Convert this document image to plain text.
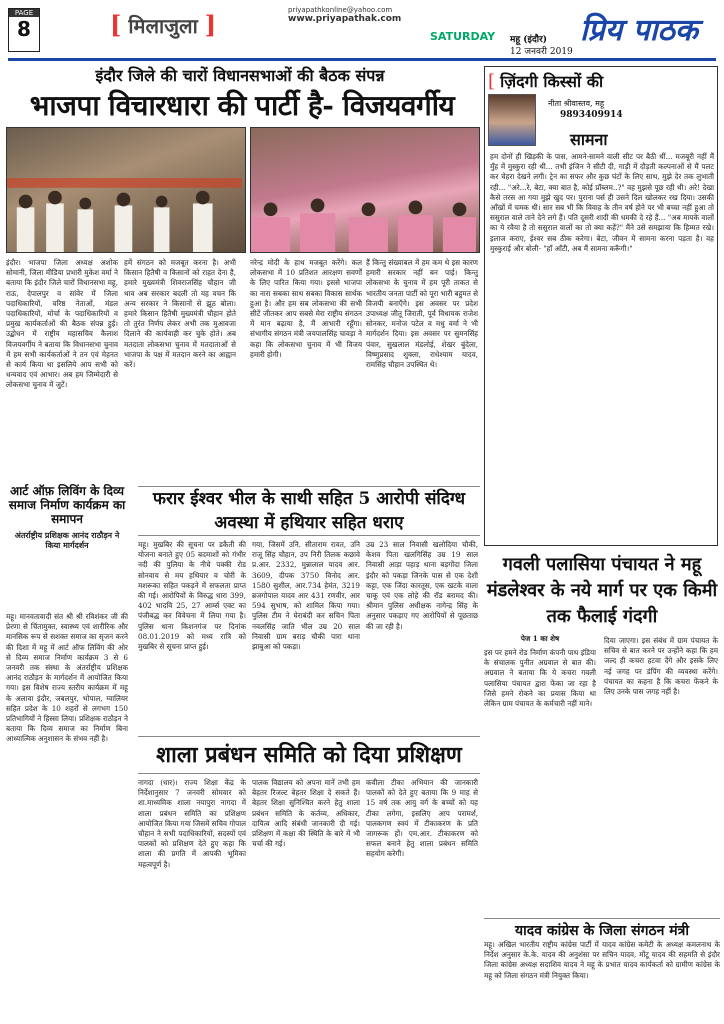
PAGE
8	[ मिलाजुला ]	priyapathkonline@yahoo.com
www.priyapathak.com
SATURDAY	महू (इंदौर)
12 जनवरी 2019
प्रिय पाठक
इंदौर जिले की चारों विधानसभाओं की बैठक संपन्न
भाजपा विचारधारा की पार्टी है- विजयवर्गीय
इंदौर। भाजपा जिला अध्यक्ष अशोक सोमानी, जिला मीडिया प्रभारी मुकेश वर्मा ने बताया कि इंदौर जिले चारों विधानसभा महू, राऊ, देपालपुर व सांवेर में जिला पदाधिकारियों, वरिष्ठ नेताओं, मंडल पदाधिकारियों, मोर्चा के पदाधिकारियों व प्रमुख कार्यकर्ताओं की बैठक संपन्न हुई। उद्बोधन में राष्ट्रीय महासचिव कैलाश विजयवर्गीय ने बताया कि विधानसभा चुनाव में हम सभी कार्यकर्ताओं ने तन एवं मेहनत से कार्य किया था इसलिये आप सभी को धन्यवाद एवं आभार। अब हम जिम्मेदारी से लोकसभा चुनाव में जुटें।
हमें संगठन को मजबूत करना है। अभी किसान हितैषी व किसानों को राहत देना है, हमारे मुख्यमंत्री शिवराजसिंह चौहान जी थाव अब सरकार बदली तो यह वचन कि अन्य सरकार ने किसानों से झूठ बोला। हमारे किसान हितैषी मुख्यमंत्री चौहान होते तो तुरंत निर्णय लेकर अभी तक मुआवजा दिलाने की कार्यवाही कर चुके होते। अब मतदाता लोकसभा चुनाव में मतदाताओं से भाजपा के पक्ष में मतदान करने का आह्वान करें।
नरेन्द्र मोदी के हाथ मजबूत करेंगे। कल लोकसभा में 10 प्रतिशत आरक्षण सवर्णों के लिए पारित किया गया। इससे भाजपा का नारा सबका साथ सबका विकास सार्थक हुआ है। और हम सब लोकसभा की सभी सीटें जीतकर आप सबसे मेरा राष्ट्रीय संगठन में मान बढ़ाया है, मैं आभारी रहूँगा। संभागीय संगठन मंत्री जयपालसिंह चावड़ा ने कहा कि लोकसभा चुनाव में भी विजय हमारी होगी।
हैं किन्तु संख्याबल में हम कम थे इस कारण हमारी सरकार नहीं बन पाई। किन्तु लोकसभा के चुनाव में हम पूरी ताकत से भारतीय जनता पार्टी को पूरा भारी बहुमत से विजयी बनाएँगे। इस अवसर पर प्रदेश उपाध्यक्ष जीतू जिराती, पूर्व विधायक राजेश सोनकर, मनोज पटेल व मधु वर्मा ने भी मार्गदर्शन दिया। इस अवसर पर सुमनसिंह पंवार, सुखलाल मंडलोई, शेखर बुंदेला, विष्णुप्रसाद शुक्ला, राधेश्याम यादव, रामसिंह चौहान उपस्थित थे।
आर्ट ऑफ़ लिविंग के दिव्य समाज निर्माण कार्यक्रम का समापन
अंतर्राष्ट्रीय प्रशिक्षक आनंद राठौड़न ने किया मार्गदर्शन
महू। मानवतावादी संत श्री श्री रविशंकर जी की प्रेरणा से चिंतामुक्त, स्वास्थ्य एवं शारीरिक और मानसिक रूप से सशक्त समाज का सृजन करने की दिशा में महू में आर्ट ऑफ लिविंग की ओर से दिव्य समाज निर्माण कार्यक्रम 3 से 6 जनवरी तक संस्था के अंतर्राष्ट्रीय प्रशिक्षक आनंद राठौड़न के मार्गदर्शन में आयोजित किया गया। इस विशेष राज्य स्तरीय कार्यक्रम में महू के अलावा इंदौर, जबलपुर, भोपाल, ग्वालियर सहित प्रदेश के 10 शहरों से लगभग 150 प्रतिभागियों ने हिस्सा लिया। प्रशिक्षक राठौड़न ने बताया कि दिव्य समाज का निर्माण बिना आध्यात्मिक अनुशासन के संभव नहीं है।
फरार ईश्वर भील के साथी सहित 5 आरोपी संदिग्ध अवस्था में हथियार सहित धराए
महू। मुखबिर की सूचना पर डकैती की योजना बनाते हुए 05 बदमाशों को गंभीर नदी की पुलिया के नीचे पक्की रोड सोनवाय से मय हथियार व चोरी के मशरूका सहित पकड़ने में सफलता प्राप्त की गई। आरोपियों के विरुद्ध धारा 399, 402 भादवि 25, 27 आर्म्स एक्ट का पंजीबद्ध कर विवेचना में लिया गया है। पुलिस थाना किशनगंज पर दिनांक 08.01.2019 को मध्य रात्रि को मुखबिर से सूचना प्राप्त हुई।
गया, जिसमें उनि. सीताराम रावत, उनि राजू सिंह चौहान, उप निरी तिलक कछावे प्र.आर. 2332, मुन्नालाल यादव आर. 3609, दीपक 3750 विनोद आर. 1580 सुशील, आर.734 हेमंत, 3219 ब्रजगोपाल यादव आर 431 रणवीर, आर 594 सुभाष, को शामिल किया गया। पुलिस टीम ने घेराबंदी कर सचिन पिता नवलसिंह जाति भील उम्र 20 साल निवासी ग्राम बराड़ चौकी पारा थाना झाबुआ को पकड़ा।
उम्र 23 साल निवासी खलोदिया चौकी, केशव पिता खलगिसिंह उम्र 19 साल निवासी आड़ा पहाड़ थाना बड़गोंदा जिला इंदौर को पकड़ा जिनके पास से एक देशी कट्टा, एक जिंदा कारतूस, एक खटके वाला चाकू एवं एक लोहे की रॉड बरामद की। श्रीमान पुलिस अधीक्षक नागेन्द्र सिंह के अनुसार पकड़ाए गए आरोपियों से पूछताछ की जा रही है।
शाला प्रबंधन समिति को दिया प्रशिक्षण
नागदा (धार)। राज्य शिक्षा केंद्र के निर्देशानुसार 7 जनवरी सोमवार को शा.माध्यमिक शाला नयापुरा नागदा में शाला प्रबंधन समिति का प्रशिक्षण आयोजित किया गया जिसमें सचिव गोपाल चौहान ने सभी पदाधिकारियों, सदस्यों एवं पालकों को प्रशिक्षण देते हुए कहा कि शाला की प्रगति में आपकी भूमिका महत्वपूर्ण है।
पालक विद्यालय को अपना मानें तभी हम बेहतर रिजल्ट बेहतर शिक्षा दे सकते हैं। बेहतर शिक्षा सुनिश्चित करने हेतु शाला प्रबंधन समिति के कर्तव्य, अधिकार, दायित्व आदि संबंधी जानकारी दी गई। प्रशिक्षण में कक्षा की स्थिति के बारे में भी चर्चा की गई।
कवीला टीका अभियान की जानकारी पालकों को देते हुए बताया कि 9 माह से 15 वर्ष तक आयु वर्ग के बच्चों को यह टीका लगेगा, इसलिए आप परामर्श, पालकगण स्वयं में टीकाकरण के प्रति जागरूक हों। एम.आर. टीकाकरण को सफल बनाने हेतु शाला प्रबंधन समिति सहयोग करेगी।
[ ज़िंदगी किस्सों की
नीता श्रीवास्तव, महू
9893409914
सामना
हम दोनों ही खिड़की के पास, आमने-सामने वाली सीट पर बैठी थीं... मजबूरी नहीं मैं मुँह में मुस्कुरा रही थी... तभी इंजिन ने सीटी दी, गाड़ी में दौड़ती कल्पनाओं से मैं पलट कर चेहरा देखने लगी। ट्रेन का सफर और कुछ घंटों के लिए साथ, मुझे देर तक लुभाती रही... "अरे...रे, बेटा, क्या बात है, कोई प्रॉब्लम..?" वह मुझसे पूछ रही थी। अरे! देखा कैसे तरस आ गया मुझे खुद पर। पुराना पर्स ही उसने दिल खोलकर रख दिया। उसकी आँखों में चमक थी। सार सब भी कि विवाह के तीन वर्ष होने पर भी बच्चा नहीं हुआ तो ससुराल वाले ताने देने लगे हैं। पति दूसरी शादी की धमकी दे रहे हैं... "अब मायके वालों का ये रवैया है तो ससुराल वालों का तो क्या कहें?" मैंने उसे समझाया कि हिम्मत रखे। इलाज कराए, ईश्वर सब ठीक करेगा। बेटा, जीवन में सामना करना पड़ता है। वह मुस्कुराई और बोली- "हाँ आँटी, अब मैं सामना करूँगी।"
गवली पलासिया पंचायत ने महू मंडलेश्वर के नये मार्ग पर एक किमी तक फैलाई गंदगी
पेज 1 का शेष
इस पर हमने रोड निर्माण कंपनी पाथ इंडिया के संचालक पुनीत अग्रवाल से बात की। अग्रवाल ने बताया कि ये कचरा गवली पलासिया पंचायत द्वारा फेंका जा रहा है जिसे हमने रोकने का प्रयास किया था लेकिन ग्राम पंचायत के कर्मचारी नहीं माने।
दिया जाएगा। इस संबंध में ग्राम पंचायत के सचिव से बात करने पर उन्होंने कहा कि हम जल्द ही कचरा हटवा देंगे और इसके लिए नई जगह पर डंपिंग की व्यवस्था करेंगे। पंचायत का कहना है कि कचरा फेंकने के लिए उनके पास जगह नहीं है।
यादव कांग्रेस के जिला संगठन मंत्री
महू। अखिल भारतीय राष्ट्रीय कांग्रेस पार्टी में यादव कांग्रेस कमेटी के अध्यक्ष कमलनाथ के निर्देश अनुसार के.के. यादव की अनुशंसा पर सचिन यादव, मोंटू यादव की सहमति से इंदौर जिला कांग्रेस अध्यक्ष सदाशिव यादव ने महू के प्रभात यादव कार्यकर्ता को ग्रामीण कांग्रेस के महू को जिला संगठन मंत्री नियुक्त किया।
